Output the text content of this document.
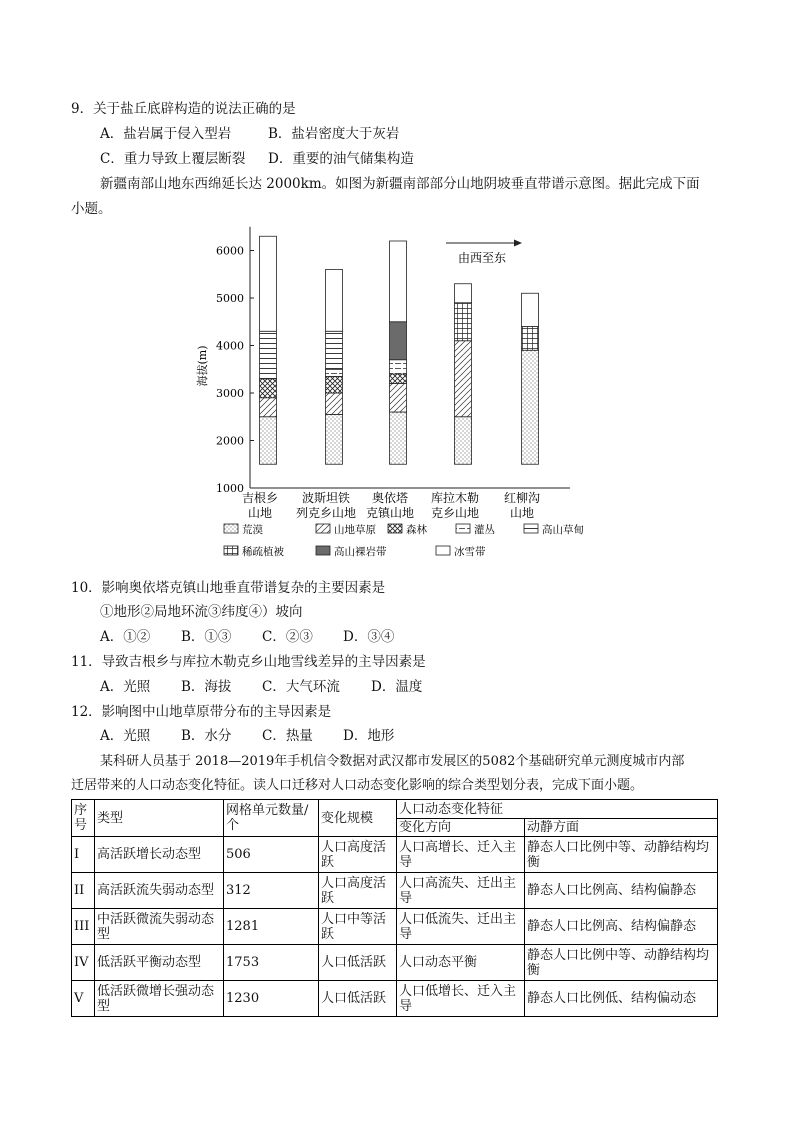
9．关于盐丘底辟构造的说法正确的是
A．盐岩属于侵入型岩	B．盐岩密度大于灰岩
C．重力导致上覆层断裂 D．重要的油气储集构造
新疆南部山地东西绵延长达 2000km。如图为新疆南部部分山地阴坡垂直带谱示意图。据此完成下面
小题。
海拔(m)
1000
2000
3000
4000
5000
6000
吉根乡
山地
波斯坦铁
列克乡山地
奥依塔
克镇山地
库拉木勒
克乡山地
红柳沟
山地
由西至东
荒漠	山地草原	森林	灌丛	高山草甸
稀疏植被	高山裸岩带	冰雪带
10．影响奥依塔克镇山地垂直带谱复杂的主要因素是
①地形②局地环流③纬度④）坡向
A．①② B．①③ C．②③ D．③④
11．导致吉根乡与库拉木勒克乡山地雪线差异的主导因素是
A．光照 B．海拔 C．大气环流 D．温度
12．影响图中山地草原带分布的主导因素是
A．光照 B．水分 C．热量 D．地形
某科研人员基于 2018—2019年手机信令数据对武汉都市发展区的5082个基础研究单元测度城市内部
迁居带来的人口动态变化特征。读人口迁移对人口动态变化影响的综合类型划分表，完成下面小题。
序号	类型	网格单元数量/个	变化规模	人口动态变化特征	
				变化方向	动静方面
I	高活跃增长动态型	506	人口高度活跃	人口高增长、迁入主导	静态人口比例中等、动静结构均衡
II	高活跃流失弱动态型	312	人口高度活跃	人口高流失、迁出主导	静态人口比例高、结构偏静态
III	中活跃微流失弱动态型	1281	人口中等活跃	人口低流失、迁出主导	静态人口比例高、结构偏静态
IV	低活跃平衡动态型	1753	人口低活跃	人口动态平衡	静态人口比例中等、动静结构均衡
V	低活跃微增长强动态型	1230	人口低活跃	人口低增长、迁入主导	静态人口比例低、结构偏动态
